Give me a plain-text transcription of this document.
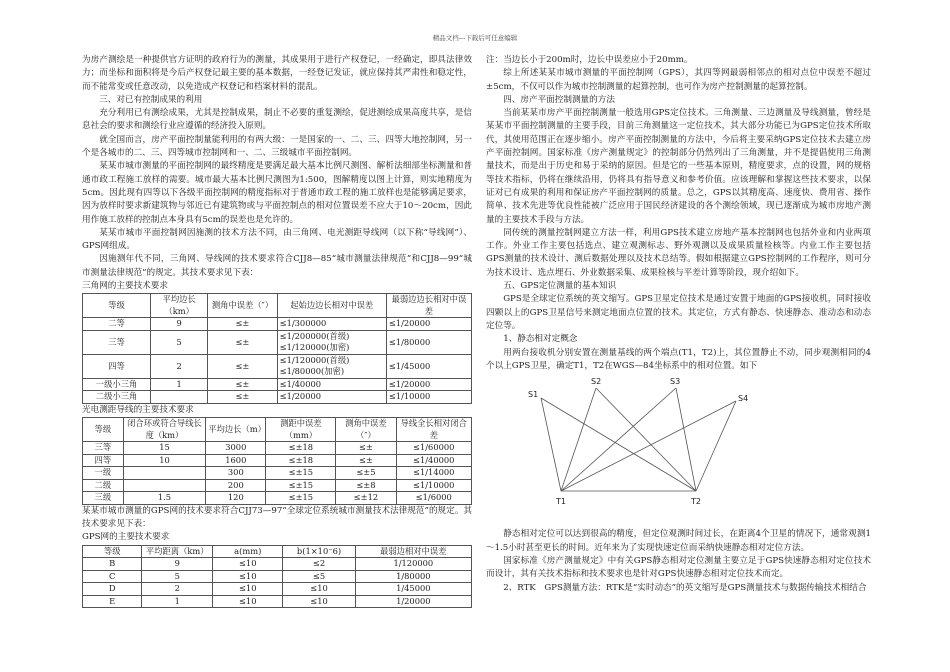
精品文档---下载后可任意编辑

为房产测绘是一种提供官方证明的政府行为的测量，其成果用于进行产权登记，一经确定，即具法律效力；而坐标和面积将是今后产权登记最主要的基本数据，一经登记发证，就应保持其严肃性和稳定性，而不能常变或任意改动，以免造成产权登记和档案材料的混乱。

三、对已有控制成果的利用

充分利用已有测绘成果，尤其是控制成果，制止不必要的重复测绘，促进测绘成果高度共享，是信息社会的要求和测绘行业应遵循的经济投入原则。

就全国而言，房产平面控制量能利用的有两大级：一是国家的一、二、三、四等大地控制网，另一个是各城市的二、三、四等城市控制网和一、二、三级城市平面控制网。

某某市城市测量的平面控制网的最终精度是要满足最大基本比例尺测图、解析法细部坐标测量和普通市政工程施工放样的需要。城市最大基本比例尺测图为1:500，图解精度以图上计算，则实地精度为5cm。因此现有四等以下各级平面控制网的精度指标对于普通市政工程的施工放样也是能够满足要求，因为放样时要求新建筑物与邻近已有建筑物或与平面控制点的相对位置误差不应大于10～20cm，因此用作施工放样的控制点本身具有5cm的误差也是允许的。

某某市城市平面控制网因施测的技术方法不同，由三角网、电光测距导线网（以下称“导线网”）、GPS网组成。

因施测年代不同，三角网、导线网的技术要求符合CJJ8—85“城市测量法律规范”和CJJ8—99“城市测量法律规范”的规定。其技术要求见下表：

三角网的主要技术要求

等级	平均边长（km）	测角中误差（″）	起始边边长相对中误差	最弱边边长相对中误差
二等	9	≤±	≤1/300000	≤1/20000
三等	5	≤±	≤1/200000(首级)
≤1/120000(加密)	≤1/80000
四等	2	≤±	≤1/120000(首级)
≤1/80000(加密)	≤1/45000
一级小三角	1	≤±	≤1/40000	≤1/20000
二级小三角		≤±	≤1/20000	≤1/10000

光电测距导线的主要技术要求

等级	闭合环或符合导线长度（km）	平均边长（m）	测距中误差（mm）	测角中误差（″）	导线全长相对闭合差
三等	15	3000	≤±18	≤±	≤1/60000
四等	10	1600	≤±18	≤±	≤1/40000
一级		300	≤±15	≤±5	≤1/14000
二级		200	≤±15	≤±8	≤1/10000
三级	1.5	120	≤±15	≤±12	≤1/6000

某某市城市测量的GPS网的技术要求符合CJJ73—97“全球定位系统城市测量技术法律规范”的规定。其技术要求见下表：

GPS网的主要技术要求

等级	平均距离（km）	a(mm)	b(1×10⁻6)	最弱边相对中误差
B	9	≤10	≤2	1/120000
C	5	≤10	≤5	1/80000
D	2	≤10	≤10	1/45000
E	1	≤10	≤10	1/20000

注：当边长小于200m时，边长中误差应小于20mm。

综上所述某某市城市测量的平面控制网（GPS），其四等网最弱相邻点的相对点位中误差不超过±5cm，不仅可以作为城市控制测量的起算控制，也可作为房产控制测量的起算控制。

四、房产平面控制测量的方法

当前某某市房产平面控制测量一般选用GPS定位技术。三角测量、三边测量及导线测量，曾经是某某市平面控制测量的主要手段，目前三角测量这一定位技术，其大部分功能已为GPS定位技术所取代，其使用范围正在逐步缩小。房产平面控制测量的方法中，今后将主要采纳GPS定位技术去建立房产平面控制网。国家标准《房产测量规定》的控制部分仍然列出了三角测量，并不是提倡使用三角测量技术，而是出于历史和易于采纳的原因。但是它的一些基本原则，精度要求，点的设置，网的规格等技术指标，仍将在继续沿用，仍将具有指导意义和参考价值。应该理解和掌握这些技术要求，以保证对已有成果的利用和保证房产平面控制网的质量。总之，GPS以其精度高、速度快、费用省、操作简单、技术先进等优良性能被广泛应用于国民经济建设的各个测绘领域，现已逐渐成为城市房地产测量的主要技术手段与方法。

同传统的测量控制网建立方法一样，利用GPS技术建立房地产基本控制网也包括外业和内业两项工作。外业工作主要包括选点、建立观测标志、野外观测以及成果质量检核等。内业工作主要包括GPS测量的技术设计、测后数据处理以及技术总结等。假如根据建立GPS控制网的工作程序，则可分为技术设计、选点埋石、外业数据采集、成果检核与平差计算等阶段，现介绍如下。

五、GPS定位测量的基本知识

GPS是全球定位系统的英文缩写。GPS卫星定位技术是通过安置于地面的GPS接收机，同时接收四颗以上的GPS卫星信号来测定地面点位置的技术。其定位，方式有静态、快速静态、准动态和动态定位等。

1、静态相对定概念

用两台接收机分别安置在测量基线的两个端点(T1，T2)上，其位置静止不动，同步观测相同的4个以上GPS卫星，确定T1，T2在WGS—84坐标系中的相对位置。如下

S1
S2	S3
S4
T1	T2

静态相对定位可以达到很高的精度，但定位观测时间过长，在距离4个卫星的情况下，通常观测1～1.5小时甚至更长的时间。近年来为了实现快速定位而采纳快速静态相对定位方法。

国家标准《房产测量规定》中有关GPS静态相对定位测量主要立足于GPS快速静态相对定位技术而设计，其有关技术指标和技术要求也是针对GPS快速静态相对定位技术而定。

2、RTK　GPS测量方法：RTK是“实时动态”的英文缩写是GPS测量技术与数据传输技术相结合
